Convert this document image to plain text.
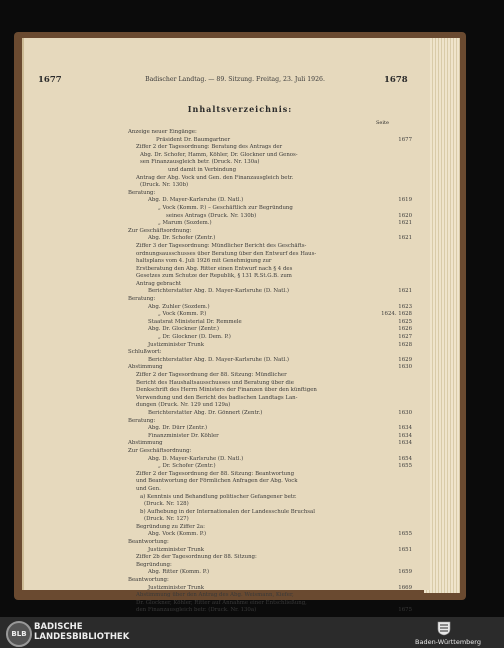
1677	Badischer Landtag. — 89. Sitzung. Freitag, 23. Juli 1926.	1678
Inhaltsverzeichnis:
Seite
Anzeige neuer Eingänge:
Präsident Dr. Baumgartner	1677
Ziffer 2 der Tagesordnung: Beratung des Antrags der
Abg. Dr. Schofer, Hamm, Köhler, Dr. Glockner und Genos-
sen Finanzausgleich betr. (Druck. Nr. 130a)
und damit in Verbindung
Antrag der Abg. Vock und Gen. den Finanzausgleich betr.
(Druck. Nr. 130b)
Beratung:
Abg. D. Mayer-Karlsruhe (D. Natl.)	1619
„ Vock (Komm. P.) – Geschäftlich zur Begründung
seines Antrags (Druck. Nr. 130b)	1620
„ Marum (Sozdem.)	1621
Zur Geschäftsordnung:
Abg. Dr. Schofer (Zentr.)	1621
Ziffer 3 der Tagesordnung: Mündlicher Bericht des Geschäfts-
ordnungsausschusses über Beratung über den Entwurf des Haus-
haltsplans vom 4. Juli 1926 mit Genehmigung zur
Erstberatung den Abg. Ritter einen Entwurf nach § 4 des
Gesetzes zum Schutze der Republik, § 131 R.St.G.B. zum
Antrag gebracht
Berichterstatter Abg. D. Mayer-Karlsruhe (D. Natl.)	1621
Beratung:
Abg. Zuhler (Sozdem.)	1623
„ Vock (Komm. P.)	1624. 1628
Staatsrat Ministerial Dr. Remmele	1625
Abg. Dr. Glockner (Zentr.)	1626
„ Dr. Glockner (D. Dem. P.)	1627
Justizminister Trunk	1628
Schlußwort:
Berichterstatter Abg. D. Mayer-Karlsruhe (D. Natl.)	1629
Abstimmung	1630
Ziffer 2 der Tagesordnung der 88. Sitzung: Mündlicher
Bericht des Haushaltsausschusses und Beratung über die
Denkschrift des Herrn Ministers der Finanzen über den künftigen
Verwendung und den Bericht des badischen Landtags Lan-
dungen (Druck. Nr. 129 und 129a)
Berichterstatter Abg. Dr. Gönnert (Zentr.)	1630
Beratung:
Abg. Dr. Dürr (Zentr.)	1634
Finanzminister Dr. Köhler	1634
Abstimmung	1634
Zur Geschäftsordnung:
Abg. D. Mayer-Karlsruhe (D. Natl.)	1654
„ Dr. Schofer (Zentr.)	1655
Ziffer 2 der Tagesordnung der 88. Sitzung: Beantwortung
und Beantwortung der Förmlichen Anfragen der Abg. Vock
und Gen.
a) Kenntnis und Behandlung politischer Gefangener betr.
(Druck. Nr. 128)
b) Aufhebung in der Internationalen der Landesschule Bruchsal
(Druck. Nr. 127)
Begründung zu Ziffer 2a:
Abg. Vock (Komm. P.)	1655
Beantwortung:
Justizminister Trunk	1651
Ziffer 2b der Tagesordnung der 88. Sitzung:
Begründung:
Abg. Ritter (Komm. P.)	1659
Beantwortung:
Justizminister Trunk	1669
Abstimmung über den Antrag des Abg. Weismann, Kiefer,
Dr. Glockner, Köhler, Ritter auf Annahme einer Entschließung,
den Finanzausgleich betr. (Druck. Nr. 130a)	1675
BLB
BADISCHE
LANDESBIBLIOTHEK	Baden-Württemberg
